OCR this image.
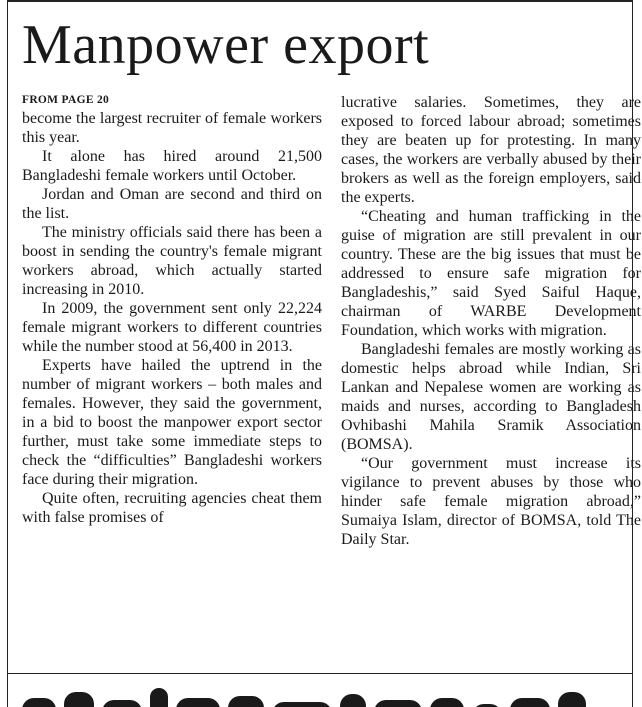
Manpower export
FROM PAGE 20

become the largest recruiter of female workers this year.

It alone has hired around 21,500 Bangladeshi female workers until October.

Jordan and Oman are second and third on the list.

The ministry officials said there has been a boost in sending the country's female migrant workers abroad, which actually started increasing in 2010.

In 2009, the government sent only 22,224 female migrant workers to different countries while the number stood at 56,400 in 2013.

Experts have hailed the uptrend in the number of migrant workers – both males and females. However, they said the government, in a bid to boost the manpower export sector further, must take some immediate steps to check the “difficulties” Bangladeshi workers face during their migration.

Quite often, recruiting agencies cheat them with false promises of

lucrative salaries. Sometimes, they are exposed to forced labour abroad; sometimes they are beaten up for protesting. In many cases, the workers are verbally abused by their brokers as well as the foreign employers, said the experts.

“Cheating and human trafficking in the guise of migration are still prevalent in our country. These are the big issues that must be addressed to ensure safe migration for Bangladeshis,” said Syed Saiful Haque, chairman of WARBE Development Foundation, which works with migration.

Bangladeshi females are mostly working as domestic helps abroad while Indian, Sri Lankan and Nepalese women are working as maids and nurses, according to Bangladesh Ovhibashi Mahila Sramik Association (BOMSA).

“Our government must increase its vigilance to prevent abuses by those who hinder safe female migration abroad,” Sumaiya Islam, director of BOMSA, told The Daily Star.
